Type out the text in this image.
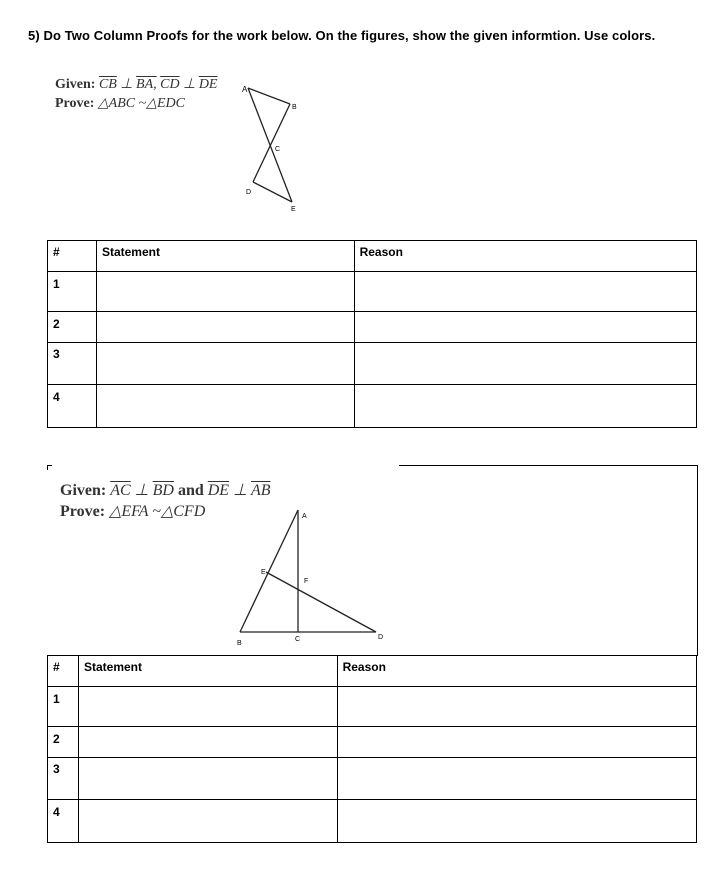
5) Do Two Column Proofs for the work below. On the figures, show the given informtion. Use colors.
Given: $\overline{CB}$ ⊥ BA, $\overline{CD}$ ⊥ $\overline{DE}$
Prove: △ABC ~△EDC
A
B
C
D
E
#	Statement	Reason
1		
2		
3		
4		
Given: $\overline{AC}$ ⊥ $\overline{BD}$ and $\overline{DE}$ ⊥ $\overline{AB}$
Prove: △EFA ~△CFD	A
B
C	D
E
F
#	Statement	Reason
1		
2		
3		
4		
